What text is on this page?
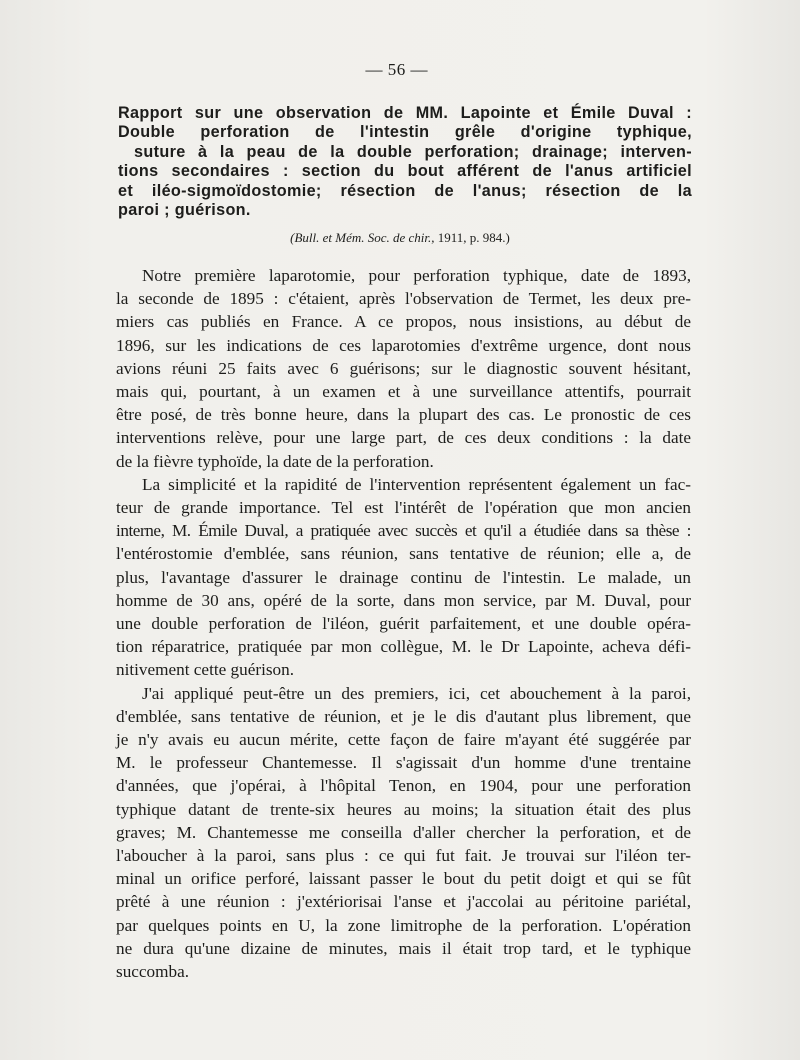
— 56 —
Rapport sur une observation de MM. Lapointe et Émile Duval :
Double perforation de l'intestin grêle d'origine typhique,
suture à la peau de la double perforation; drainage; interven-
tions secondaires : section du bout afférent de l'anus artificiel
et iléo-sigmoïdostomie; résection de l'anus; résection de la
paroi ; guérison.
(Bull. et Mém. Soc. de chir., 1911, p. 984.)

Notre première laparotomie, pour perforation typhique, date de 1893,
la seconde de 1895 : c'étaient, après l'observation de Termet, les deux pre-
miers cas publiés en France. A ce propos, nous insistions, au début de
1896, sur les indications de ces laparotomies d'extrême urgence, dont nous
avions réuni 25 faits avec 6 guérisons; sur le diagnostic souvent hésitant,
mais qui, pourtant, à un examen et à une surveillance attentifs, pourrait
être posé, de très bonne heure, dans la plupart des cas. Le pronostic de ces
interventions relève, pour une large part, de ces deux conditions : la date
de la fièvre typhoïde, la date de la perforation.

La simplicité et la rapidité de l'intervention représentent également un fac-
teur de grande importance. Tel est l'intérêt de l'opération que mon ancien
interne, M. Émile Duval, a pratiquée avec succès et qu'il a étudiée dans sa thèse :
l'entérostomie d'emblée, sans réunion, sans tentative de réunion; elle a, de
plus, l'avantage d'assurer le drainage continu de l'intestin. Le malade, un
homme de 30 ans, opéré de la sorte, dans mon service, par M. Duval, pour
une double perforation de l'iléon, guérit parfaitement, et une double opéra-
tion réparatrice, pratiquée par mon collègue, M. le Dr Lapointe, acheva défi-
nitivement cette guérison.

J'ai appliqué peut-être un des premiers, ici, cet abouchement à la paroi,
d'emblée, sans tentative de réunion, et je le dis d'autant plus librement, que
je n'y avais eu aucun mérite, cette façon de faire m'ayant été suggérée par
M. le professeur Chantemesse. Il s'agissait d'un homme d'une trentaine
d'années, que j'opérai, à l'hôpital Tenon, en 1904, pour une perforation
typhique datant de trente-six heures au moins; la situation était des plus
graves; M. Chantemesse me conseilla d'aller chercher la perforation, et de
l'aboucher à la paroi, sans plus : ce qui fut fait. Je trouvai sur l'iléon ter-
minal un orifice perforé, laissant passer le bout du petit doigt et qui se fût
prêté à une réunion : j'extériorisai l'anse et j'accolai au péritoine pariétal,
par quelques points en U, la zone limitrophe de la perforation. L'opération
ne dura qu'une dizaine de minutes, mais il était trop tard, et le typhique
succomba.
